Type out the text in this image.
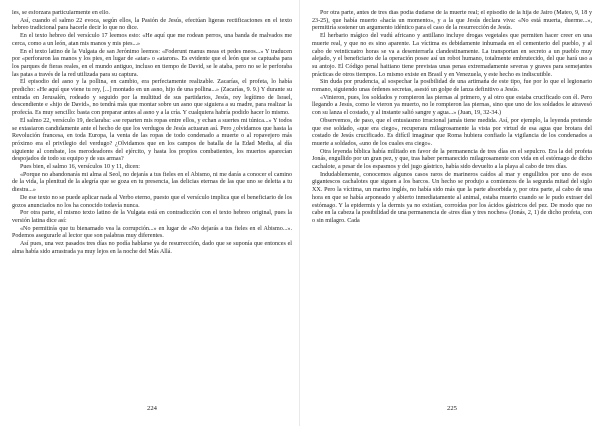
les, se esforzara particularmente en ello.

Así, cuando el salmo 22 evoca, según ellos, la Pasión de Jesús, efectúan ligeras rectificaciones en el texto hebreo tradicional para hacerle decir lo que no dice.

En el texto hebreo del versículo 17 leemos esto: «He aquí que me rodean perros, una banda de malvados me cerca, como a un león, atan mis manos y mis pies...»

En el texto latino de la Vulgata de san Jerónimo leemos: «Foderunt manus meas et pedes meos...» Y traducen por «perforaron las manos y los pies, en lugar de «atar» o «ataron». Es evidente que el león que se captuaba para los parques de fieras reales, en el mundo antiguo, incluso en tiempo de David, se le ataba, pero no se le perforaba las patas a través de la red utilizada para su captura.

El episodio del asno y la pollina, en cambio, era perfectamente realizable. Zacarías, el profeta, lo había predicho: «He aquí que viene tu rey, [...] montado en un asno, hijo de una pollina...» (Zacarías, 9. 9.) Y durante su entrada en Jerusalén, rodeado y seguido por la multitud de sus partidarios, Jesús, rey legítimo de Israel, descendiente e «hijo de David», no tendrá más que montar sobre un asno que siguiera a su madre, para realizar la profecía. Es muy sencillo: basta con preparar antes al asno y a la cría. Y cualquiera habría podido hacer lo mismo.

El salmo 22, versículo 19, declaraba: «se reparten mis ropas entre ellos, y echan a suertes mi túnica...» Y todos se extasiaron candidamente ante el hecho de que los verdugos de Jesús actuaran así. Pero ¿olvidamos que hasta la Revolución francesa, en toda Europa, la venta de las ropas de todo condenado a muerte o al ropavejero más próximo era el privilegio del verdugo? ¿Olvidamos que en los campos de batalla de la Edad Media, al día siguiente al combate, los merodeadores del ejército, y hasta los propios combatientes, los muertos aparecían despojados de todo su equipo y de sus armas?

Pues bien, el salmo 16, versículos 10 y 11, dicen:

«Porque no abandonarás mi alma al Seol, no dejarás a tus fieles en el Abismo, ni me darás a conocer el camino de la vida, la plenitud de la alegría que se goza en tu presencia, las delicias eternas de las que uno se deleita a tu diestra...»

De ese texto no se puede aplicar nada al Verbo eterno, puesto que el versículo implica que el beneficiario de los gozos anunciados no los ha conocido todavía nunca.

Por otra parte, el mismo texto latino de la Vulgata está en contradicción con el texto hebreo original, pues la versión latina dice así:

«No permitirás que tu bienamado vea la corrupción...» en lugar de «No dejarás a tus fieles en el Abismo...». Podemos asegurarle al lector que son palabras muy diferentes.

Así pues, una vez pasados tres días no podía hablarse ya de resurrección, dado que se suponía que entonces el alma había sido arrastrada ya muy lejos en la noche del Más Allá.

224

Por otra parte, antes de tres días podía dudarse de la muerte real; el episodio de la hija de Jairo (Mateo, 9, 18 y 23-25), que había muerto «hacía un momento», y a la que Jesús declara viva: «No está muerta, duerme...», permitiría sostener un argumento idéntico para el caso de la resurrección de Jesús.

El herbario mágico del vudú africano y antillano incluye drogas vegetales que permiten hacer creer en una muerte real, y que no es sino aparente. La víctima es debidamente inhumada en el cementerio del pueblo, y al cabo de veinticuatro horas se va a desenterrarla clandestinamente. La transportan en secreto a un pueblo muy alejado, y el beneficiario de la operación posee así un robot humano, totalmente embrutecido, del que hará uso a su antojo. El Código penal haitiano tiene previstas unas penas extremadamente severas y graves para semejantes prácticas de otros tiempos. Lo mismo existe en Brasil y en Venezuela, y este hecho es indiscutible.

Sin duda por prudencia, al sospechar la posibilidad de una artimaña de este tipo, fue por lo que el legionario romano, siguiendo unas órdenes secretas, asestó un golpe de lanza definitivo a Jesús.

«Vinieron, pues, los soldados y rompieron las piernas al primero, y al otro que estaba crucificado con él. Pero llegando a Jesús, como le vieron ya muerto, no le rompieron las piernas, sino que uno de los soldados le atravesó con su lanza el costado, y al instante salió sangre y agua...» (Juan, 19, 32-34.)

Observemos, de paso, que el entusiasmo irracional jamás tiene medida. Así, por ejemplo, la leyenda pretende que ese soldado, «que era ciego», recuperara milagrosamente la vista por virtud de esa agua que brotara del costado de Jesús crucificado. Es difícil imaginar que Roma hubiera confiado la vigilancia de los condenados a muerte a soldados, «uno de los cuales era ciego».

Otra leyenda bíblica había militado en favor de la permanencia de tres días en el sepulcro. Era la del profeta Jonás, engullido por un gran pez, y que, tras haber permanecido milagrosamente con vida en el estómago de dicho cachalote, a pesar de los espasmos y del jugo gástrico, había sido devuelto a la playa al cabo de tres días.

Indudablemente, conocemos algunos casos raros de marineros caídos al mar y engullidos por uno de esos gigantescos cachalotes que siguen a los barcos. Un hecho se produjo a comienzos de la segunda mitad del siglo XX. Pero la víctima, un marino inglés, no había sido más que la parte absorbida y, por otra parte, al cabo de una hora en que se había arponeado y abierto inmediatamente al animal, estaba muerto cuando se le pudo extraer del estómago. Y la epidermis y la dermis ya no existían, corroídas por los ácidos gástricos del pez. De modo que no cabe en la cabeza la posibilidad de una permanencia de «tres días y tres noches» (Jonás, 2, 1) de dicho profeta, con o sin milagro. Cada

225
